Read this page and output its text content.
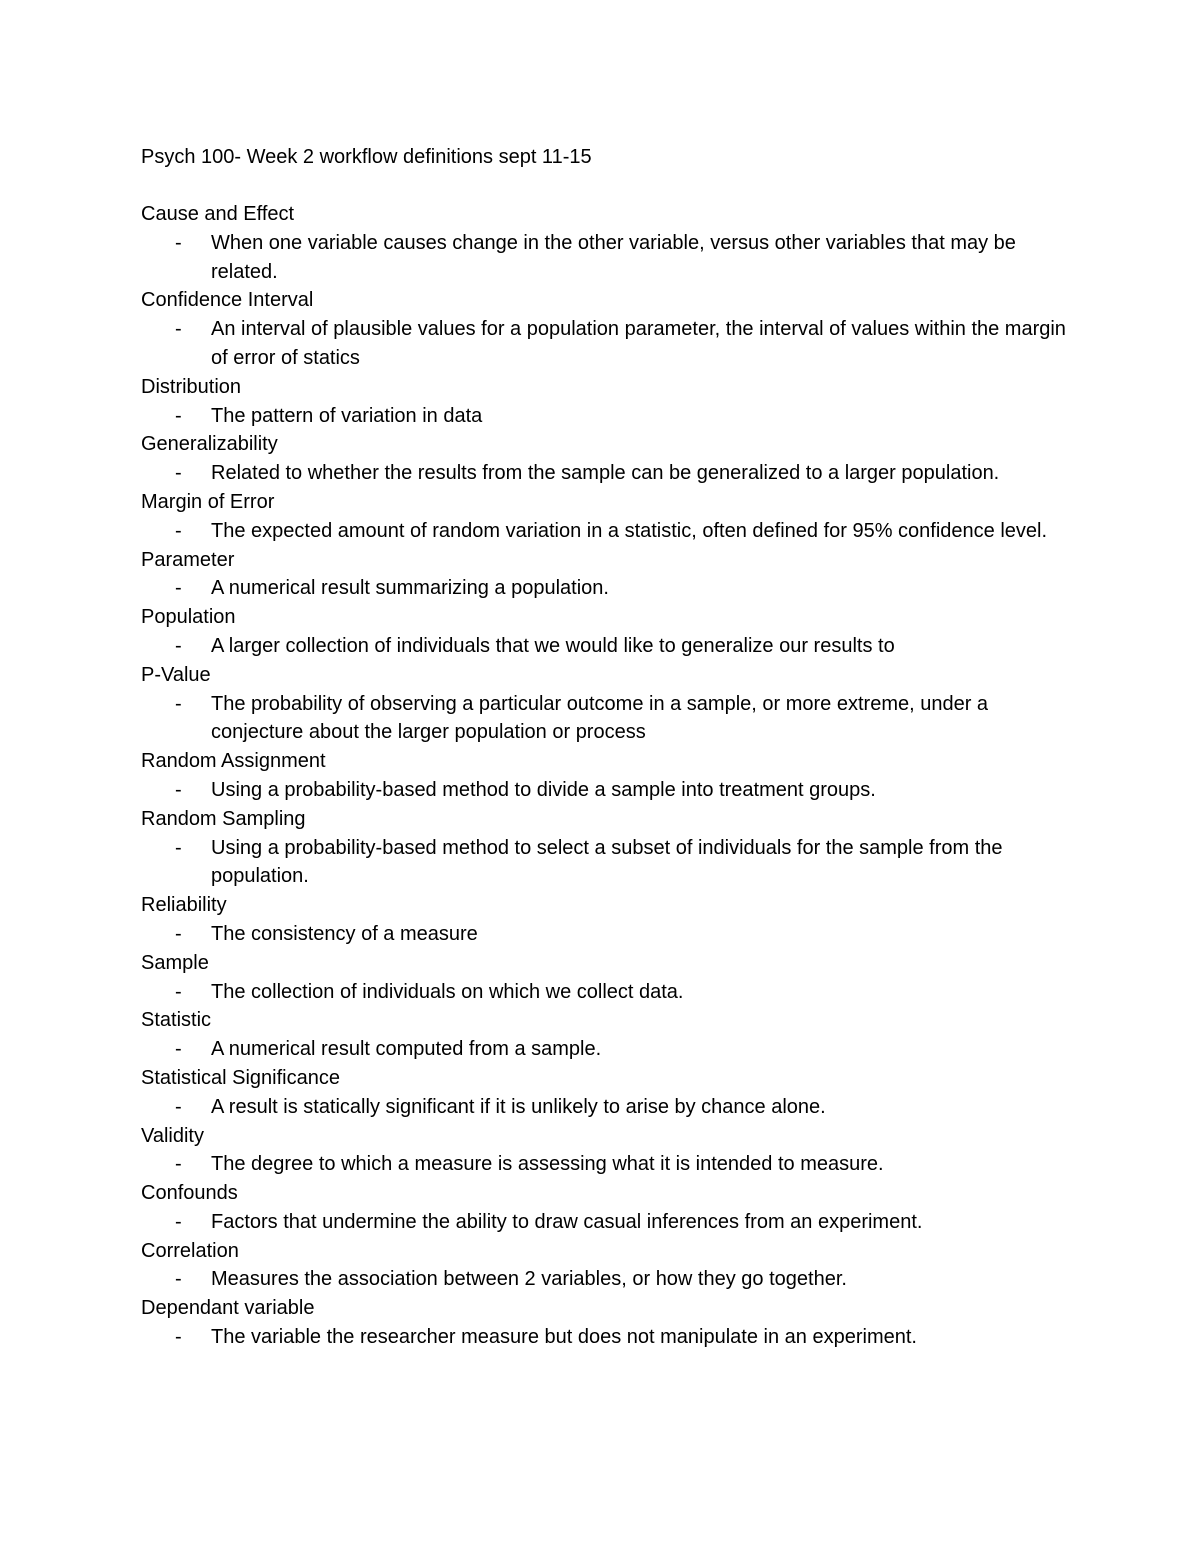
Psych 100- Week 2 workflow definitions sept 11-15
Cause and Effect
- When one variable causes change in the other variable, versus other variables that may be related.
Confidence Interval
- An interval of plausible values for a population parameter, the interval of values within the margin of error of statics
Distribution
- The pattern of variation in data
Generalizability
- Related to whether the results from the sample can be generalized to a larger population.
Margin of Error
- The expected amount of random variation in a statistic, often defined for 95% confidence level.
Parameter
- A numerical result summarizing a population.
Population
- A larger collection of individuals that we would like to generalize our results to
P-Value
- The probability of observing a particular outcome in a sample, or more extreme, under a conjecture about the larger population or process
Random Assignment
- Using a probability-based method to divide a sample into treatment groups.
Random Sampling
- Using a probability-based method to select a subset of individuals for the sample from the population.
Reliability
- The consistency of a measure
Sample
- The collection of individuals on which we collect data.
Statistic
- A numerical result computed from a sample.
Statistical Significance
- A result is statically significant if it is unlikely to arise by chance alone.
Validity
- The degree to which a measure is assessing what it is intended to measure.
Confounds
- Factors that undermine the ability to draw casual inferences from an experiment.
Correlation
- Measures the association between 2 variables, or how they go together.
Dependant variable
- The variable the researcher measure but does not manipulate in an experiment.
